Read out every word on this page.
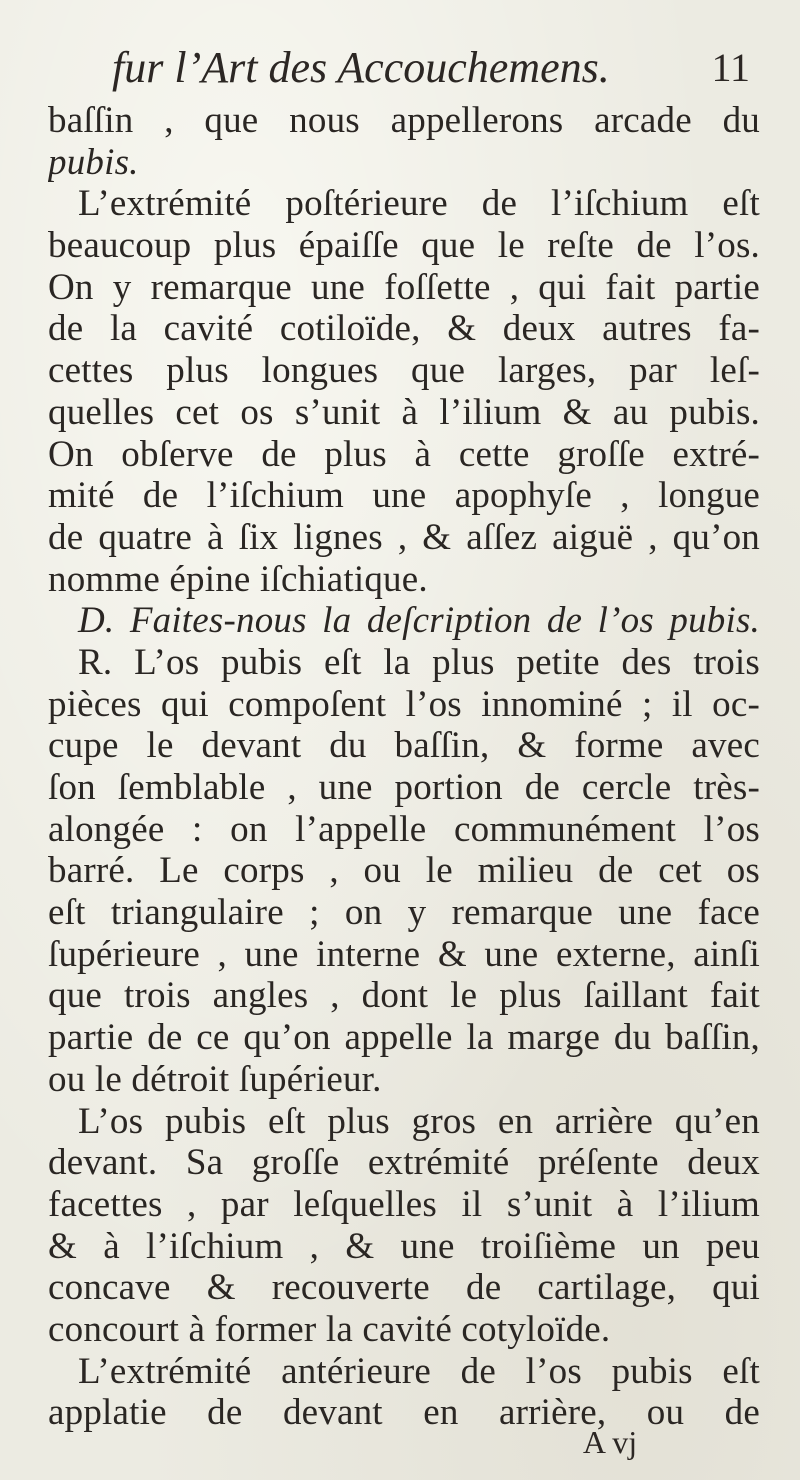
fur l’Art des Accouchemens.	11
baſſin , que nous appellerons arcade du
pubis.
L’extrémité poſtérieure de l’iſchium eſt
beaucoup plus épaiſſe que le reſte de l’os.
On y remarque une foſſette , qui fait partie
de la cavité cotiloïde, & deux autres fa-
cettes plus longues que larges, par leſ-
quelles cet os s’unit à l’ilium & au pubis.
On obſerve de plus à cette groſſe extré-
mité de l’iſchium une apophyſe , longue
de quatre à ſix lignes , & aſſez aiguë , qu’on
nomme épine iſchiatique.
D. Faites-nous la deſcription de l’os pubis.
R. L’os pubis eſt la plus petite des trois
pièces qui compoſent l’os innominé ; il oc-
cupe le devant du baſſin, & forme avec
ſon ſemblable , une portion de cercle très-
alongée : on l’appelle communément l’os
barré. Le corps , ou le milieu de cet os
eſt triangulaire ; on y remarque une face
ſupérieure , une interne & une externe, ainſi
que trois angles , dont le plus ſaillant fait
partie de ce qu’on appelle la marge du baſſin,
ou le détroit ſupérieur.
L’os pubis eſt plus gros en arrière qu’en
devant. Sa groſſe extrémité préſente deux
facettes , par leſquelles il s’unit à l’ilium
& à l’iſchium , & une troiſième un peu
concave & recouverte de cartilage, qui
concourt à former la cavité cotyloïde.
L’extrémité antérieure de l’os pubis eſt
applatie de devant en arrière, ou de
A vj
